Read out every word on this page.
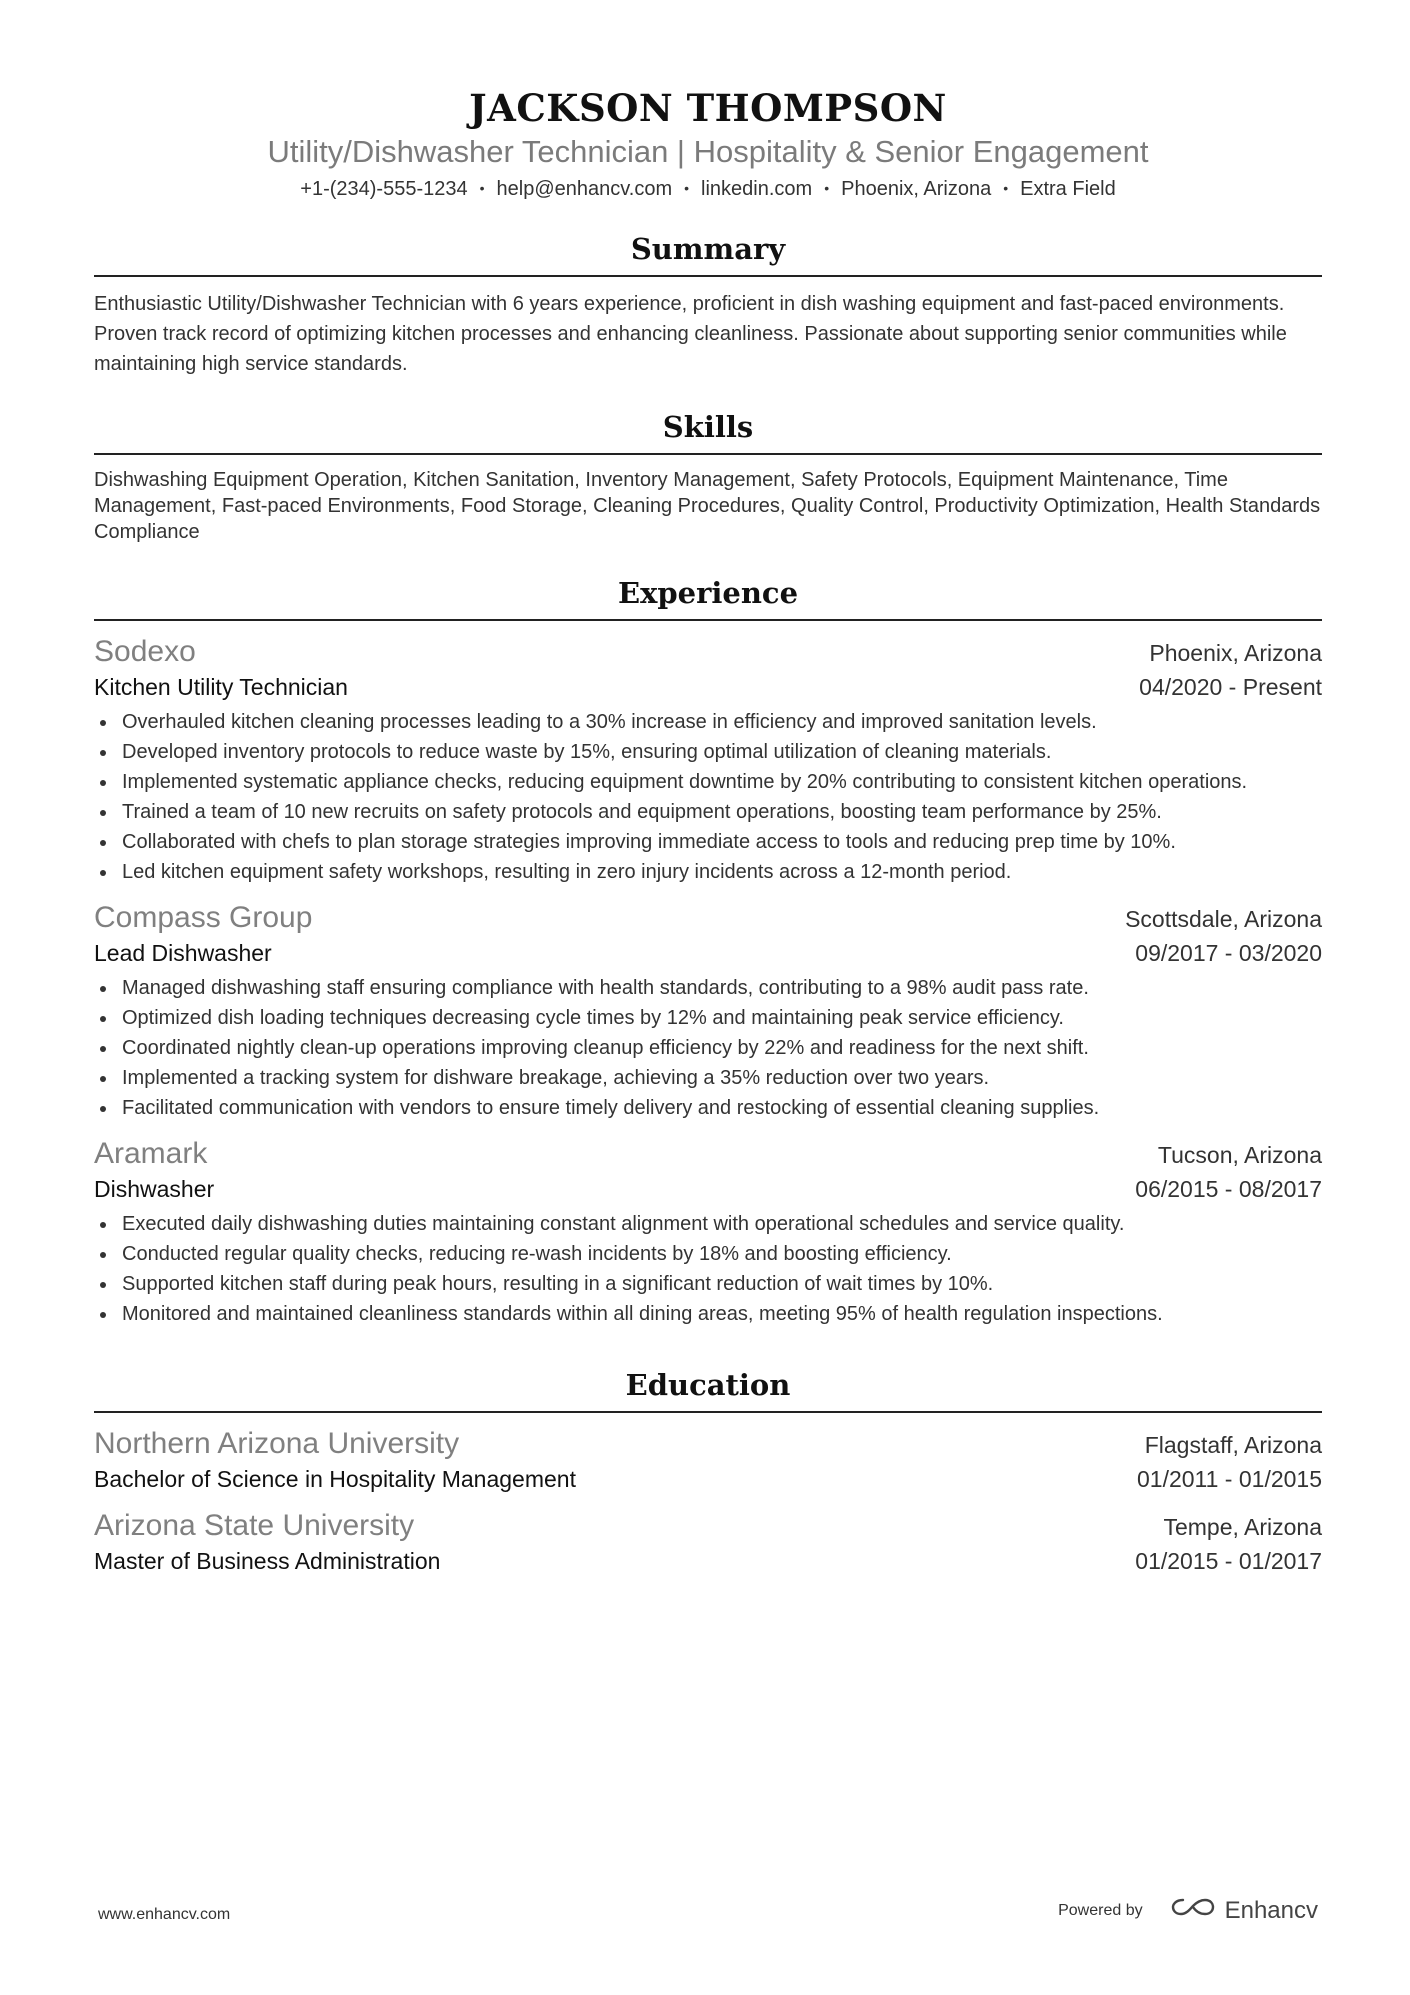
JACKSON THOMPSON
Utility/Dishwasher Technician | Hospitality & Senior Engagement
+1-(234)-555-1234 • help@enhancv.com • linkedin.com • Phoenix, Arizona • Extra Field
Summary
Enthusiastic Utility/Dishwasher Technician with 6 years experience, proficient in dish washing equipment and fast-paced environments. Proven track record of optimizing kitchen processes and enhancing cleanliness. Passionate about supporting senior communities while maintaining high service standards.
Skills
Dishwashing Equipment Operation, Kitchen Sanitation, Inventory Management, Safety Protocols, Equipment Maintenance, Time Management, Fast-paced Environments, Food Storage, Cleaning Procedures, Quality Control, Productivity Optimization, Health Standards Compliance
Experience
Sodexo	Phoenix, Arizona
Kitchen Utility Technician	04/2020 - Present
Overhauled kitchen cleaning processes leading to a 30% increase in efficiency and improved sanitation levels.
Developed inventory protocols to reduce waste by 15%, ensuring optimal utilization of cleaning materials.
Implemented systematic appliance checks, reducing equipment downtime by 20% contributing to consistent kitchen operations.
Trained a team of 10 new recruits on safety protocols and equipment operations, boosting team performance by 25%.
Collaborated with chefs to plan storage strategies improving immediate access to tools and reducing prep time by 10%.
Led kitchen equipment safety workshops, resulting in zero injury incidents across a 12-month period.
Compass Group	Scottsdale, Arizona
Lead Dishwasher	09/2017 - 03/2020
Managed dishwashing staff ensuring compliance with health standards, contributing to a 98% audit pass rate.
Optimized dish loading techniques decreasing cycle times by 12% and maintaining peak service efficiency.
Coordinated nightly clean-up operations improving cleanup efficiency by 22% and readiness for the next shift.
Implemented a tracking system for dishware breakage, achieving a 35% reduction over two years.
Facilitated communication with vendors to ensure timely delivery and restocking of essential cleaning supplies.
Aramark	Tucson, Arizona
Dishwasher	06/2015 - 08/2017
Executed daily dishwashing duties maintaining constant alignment with operational schedules and service quality.
Conducted regular quality checks, reducing re-wash incidents by 18% and boosting efficiency.
Supported kitchen staff during peak hours, resulting in a significant reduction of wait times by 10%.
Monitored and maintained cleanliness standards within all dining areas, meeting 95% of health regulation inspections.
Education
Northern Arizona University	Flagstaff, Arizona
Bachelor of Science in Hospitality Management	01/2011 - 01/2015
Arizona State University	Tempe, Arizona
Master of Business Administration	01/2015 - 01/2017
www.enhancv.com	Powered by	Enhancv
